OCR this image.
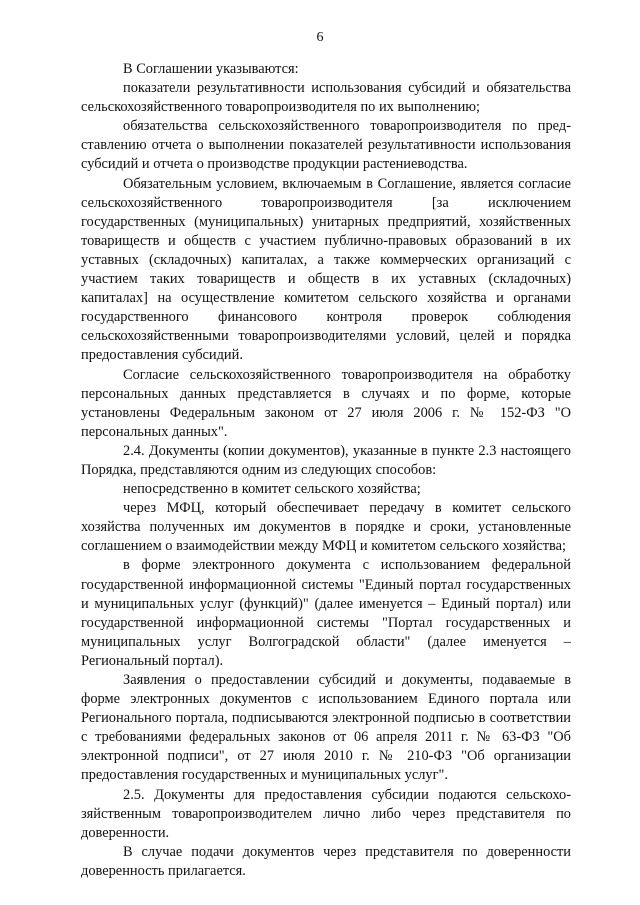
6

В Соглашении указываются:

показатели результативности использования субсидий и обязательства сельскохозяйственного товаропроизводителя по их выполнению;

обязательства сельскохозяйственного товаропроизводителя по представлению отчета о выполнении показателей результативности использования субсидий и отчета о производстве продукции растениеводства.

Обязательным условием, включаемым в Соглашение, является согласие сельскохозяйственного товаропроизводителя [за исключением государственных (муниципальных) унитарных предприятий, хозяйственных товариществ и обществ с участием публично-правовых образований в их уставных (складочных) капиталах, а также коммерческих организаций с участием таких товариществ и обществ в их уставных (складочных) капиталах] на осуществление комитетом сельского хозяйства и органами государственного финансового контроля проверок соблюдения сельскохозяйственными товаропроизводителями условий, целей и порядка предоставления субсидий.

Согласие сельскохозяйственного товаропроизводителя на обработку персональных данных представляется в случаях и по форме, которые установлены Федеральным законом от 27 июля 2006 г. № 152-ФЗ "О персональных данных".

2.4. Документы (копии документов), указанные в пункте 2.3 настоящего Порядка, представляются одним из следующих способов:

непосредственно в комитет сельского хозяйства;

через МФЦ, который обеспечивает передачу в комитет сельского хозяйства полученных им документов в порядке и сроки, установленные соглашением о взаимодействии между МФЦ и комитетом сельского хозяйства;

в форме электронного документа с использованием федеральной государственной информационной системы "Единый портал государственных и муниципальных услуг (функций)" (далее именуется – Единый портал) или государственной информационной системы "Портал государственных и муниципальных услуг Волгоградской области" (далее именуется – Региональный портал).

Заявления о предоставлении субсидий и документы, подаваемые в форме электронных документов с использованием Единого портала или Регионального портала, подписываются электронной подписью в соответствии с требованиями федеральных законов от 06 апреля 2011 г. № 63-ФЗ "Об электронной подписи", от 27 июля 2010 г. № 210-ФЗ "Об организации предоставления государственных и муниципальных услуг".

2.5. Документы для предоставления субсидии подаются сельскохозяйственным товаропроизводителем лично либо через представителя по доверенности.

В случае подачи документов через представителя по доверенности доверенность прилагается.
